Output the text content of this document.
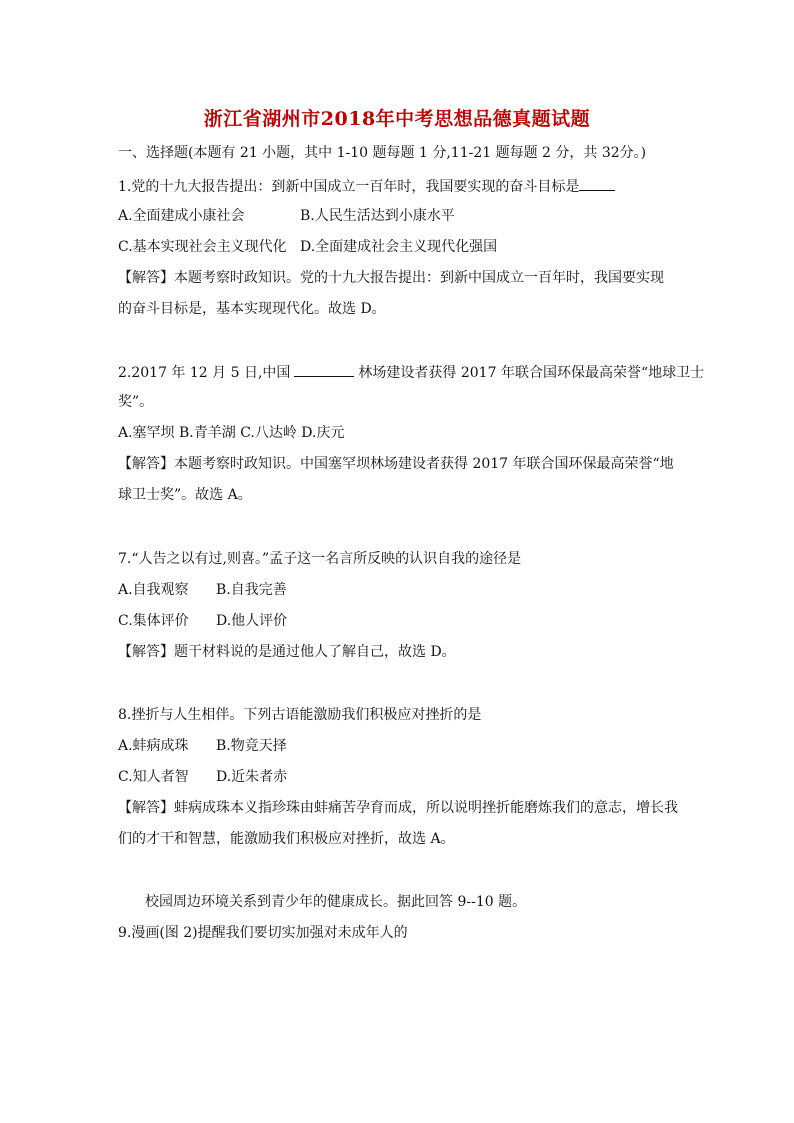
浙江省湖州市2018年中考思想品德真题试题
一、选择题(本题有 21 小题，其中 1-10 题每题 1 分,11-21 题每题 2 分，共 32分。)
1.党的十九大报告提出：到新中国成立一百年时，我国要实现的奋斗目标是
A.全面建成小康社会	B.人民生活达到小康水平
C.基本实现社会主义现代化 D.全面建成社会主义现代化强国
【解答】本题考察时政知识。党的十九大报告提出：到新中国成立一百年时，我国要实现
的奋斗目标是，基本实现现代化。故选 D。
2.2017 年 12 月 5 日,中国	林场建设者获得 2017 年联合国环保最高荣誉“地球卫士
奖”。
A.塞罕坝 B.青羊湖 C.八达岭 D.庆元
【解答】本题考察时政知识。中国塞罕坝林场建设者获得 2017 年联合国环保最高荣誉“地
球卫士奖”。故选 A。
7.“人告之以有过,则喜。”孟子这一名言所反映的认识自我的途径是
A.自我观察 B.自我完善
C.集体评价 D.他人评价
【解答】题干材料说的是通过他人了解自己，故选 D。
8.挫折与人生相伴。下列古语能激励我们积极应对挫折的是
A.蚌病成珠 B.物竞天择
C.知人者智 D.近朱者赤
【解答】蚌病成珠本义指珍珠由蚌痛苦孕育而成，所以说明挫折能磨炼我们的意志，增长我
们的才干和智慧，能激励我们积极应对挫折，故选 A。
校园周边环境关系到青少年的健康成长。据此回答 9--10 题。
9.漫画(图 2)提醒我们要切实加强对未成年人的
